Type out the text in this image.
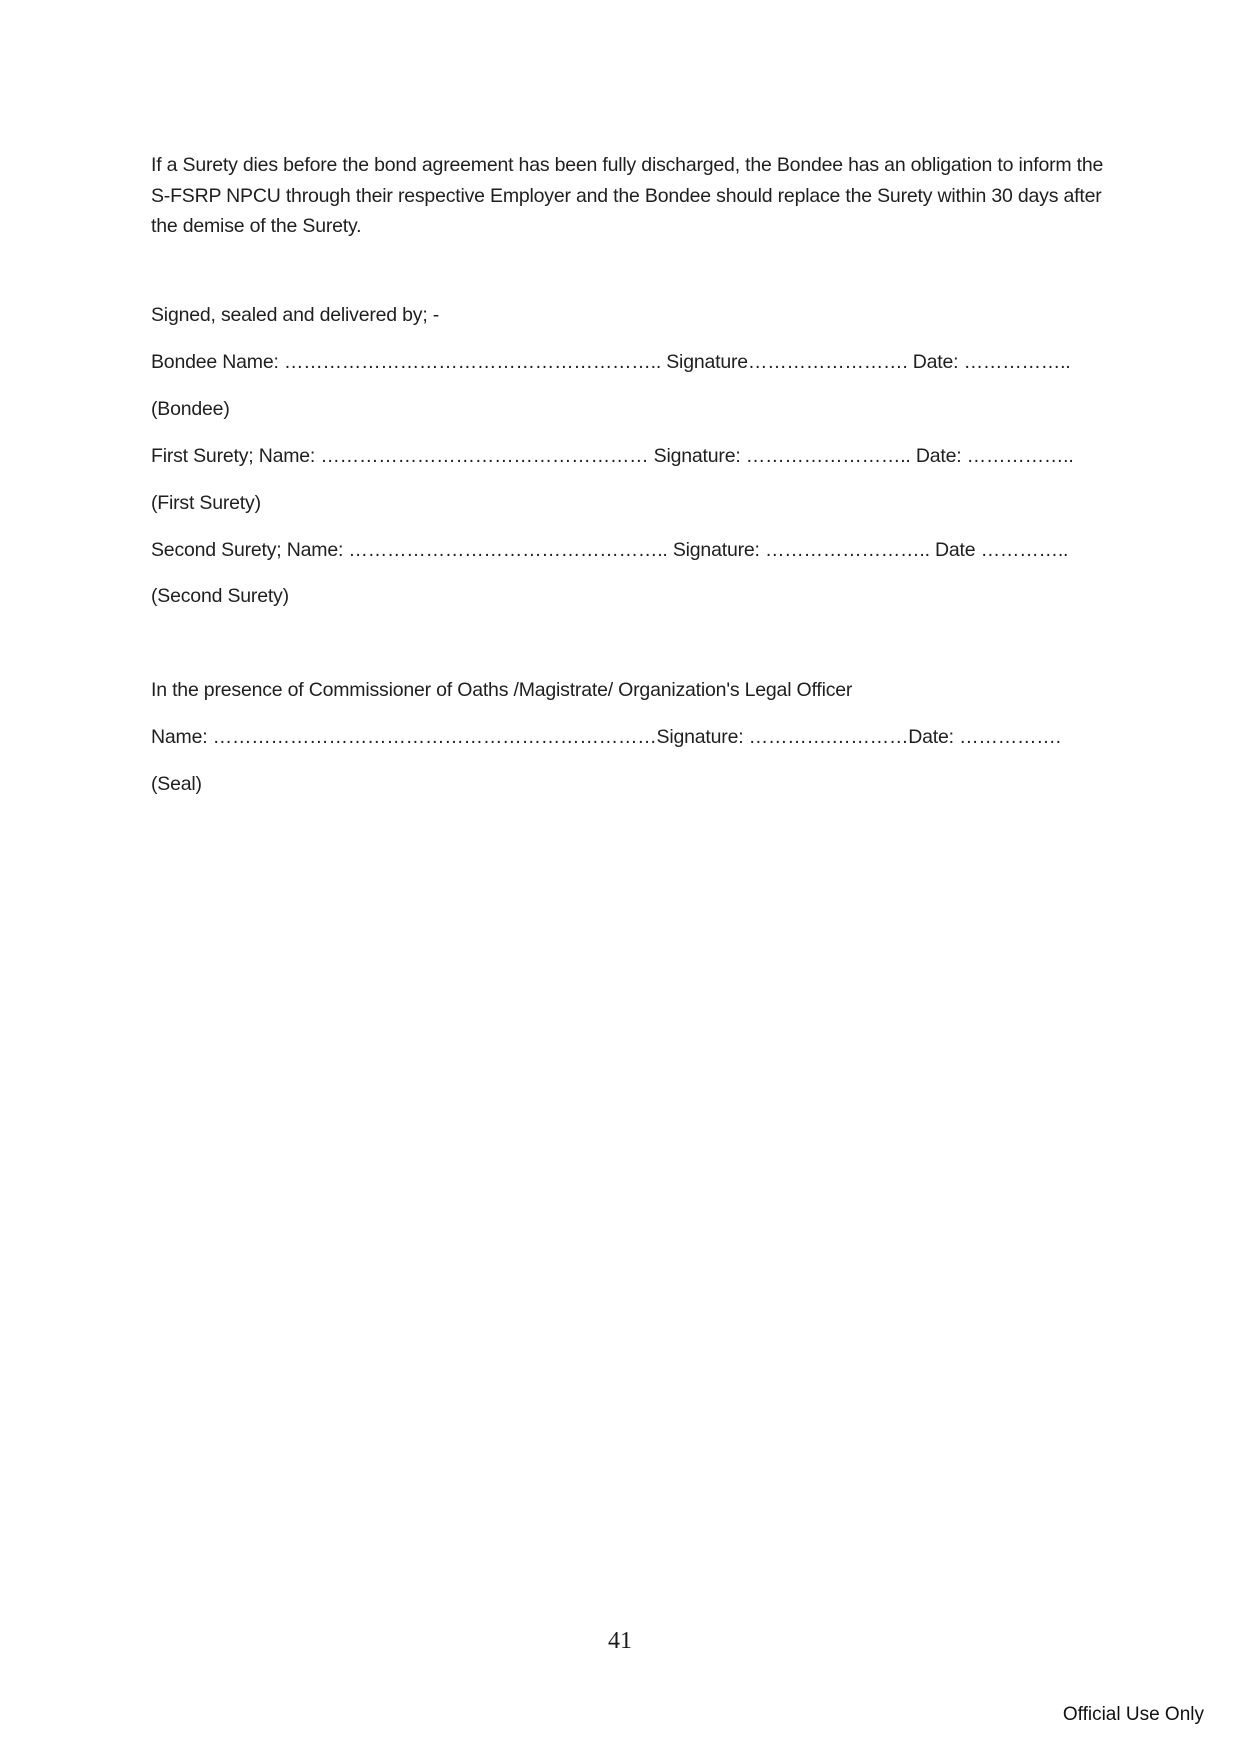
If a Surety dies before the bond agreement has been fully discharged, the Bondee has an obligation to inform the S-FSRP NPCU through their respective Employer and the Bondee should replace the Surety within 30 days after the demise of the Surety.

Signed, sealed and delivered by; -

Bondee Name: ………………………………………………….. Signature……………………. Date: ……………..

(Bondee)

First Surety; Name: …………………………………………… Signature: …………………….. Date: ……………..

(First Surety)

Second Surety; Name: ………………………………………….. Signature: …………………….. Date …………..

(Second Surety)

In the presence of Commissioner of Oaths /Magistrate/ Organization's Legal Officer

Name: ……………………………………………………………Signature: ………….…………Date: …………….

(Seal)

41
Official Use Only
